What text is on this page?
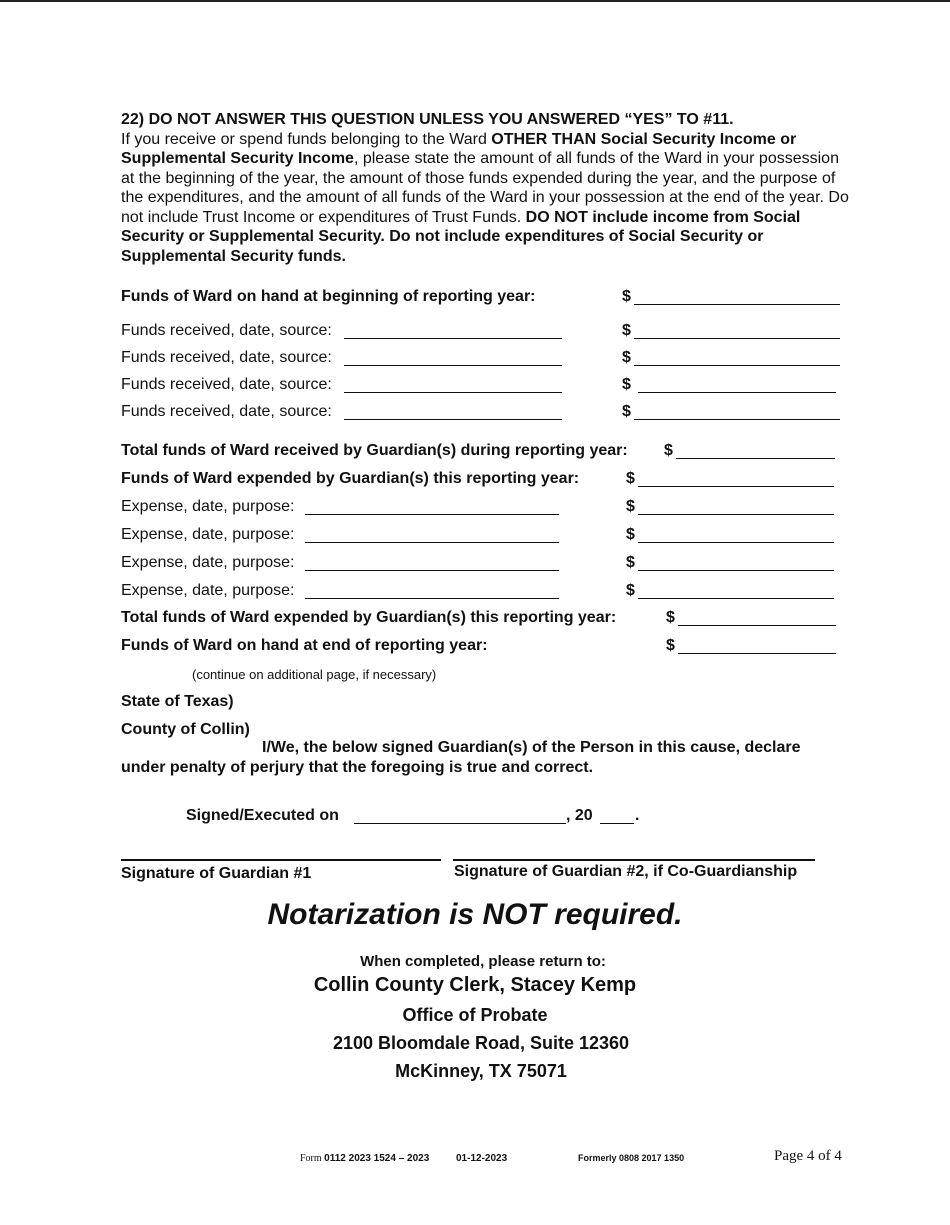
22) DO NOT ANSWER THIS QUESTION UNLESS YOU ANSWERED “YES” TO #11.
If you receive or spend funds belonging to the Ward OTHER THAN Social Security Income or Supplemental Security Income, please state the amount of all funds of the Ward in your possession at the beginning of the year, the amount of those funds expended during the year, and the purpose of the expenditures, and the amount of all funds of the Ward in your possession at the end of the year. Do not include Trust Income or expenditures of Trust Funds. DO NOT include income from Social Security or Supplemental Security. Do not include expenditures of Social Security or Supplemental Security funds.
Funds of Ward on hand at beginning of reporting year:	$
Funds received, date, source:	$
Funds received, date, source:	$
Funds received, date, source:	$
Funds received, date, source:	$
Total funds of Ward received by Guardian(s) during reporting year: $
Funds of Ward expended by Guardian(s) this reporting year:	$
Expense, date, purpose:	$
Expense, date, purpose:	$
Expense, date, purpose:	$
Expense, date, purpose:	$
Total funds of Ward expended by Guardian(s) this reporting year:	$
Funds of Ward on hand at end of reporting year:	$
(continue on additional page, if necessary)
State of Texas)
County of Collin)
I/We, the below signed Guardian(s) of the Person in this cause, declare
under penalty of perjury that the foregoing is true and correct.
Signed/Executed on	, 20	.
Signature of Guardian #1	Signature of Guardian #2, if Co-Guardianship
Notarization is NOT required.
When completed, please return to:
Collin County Clerk, Stacey Kemp
Office of Probate
2100 Bloomdale Road, Suite 12360
McKinney, TX 75071
Form 0112 2023 1524 – 2023	01-12-2023	Formerly 0808 2017 1350	Page 4 of 4
